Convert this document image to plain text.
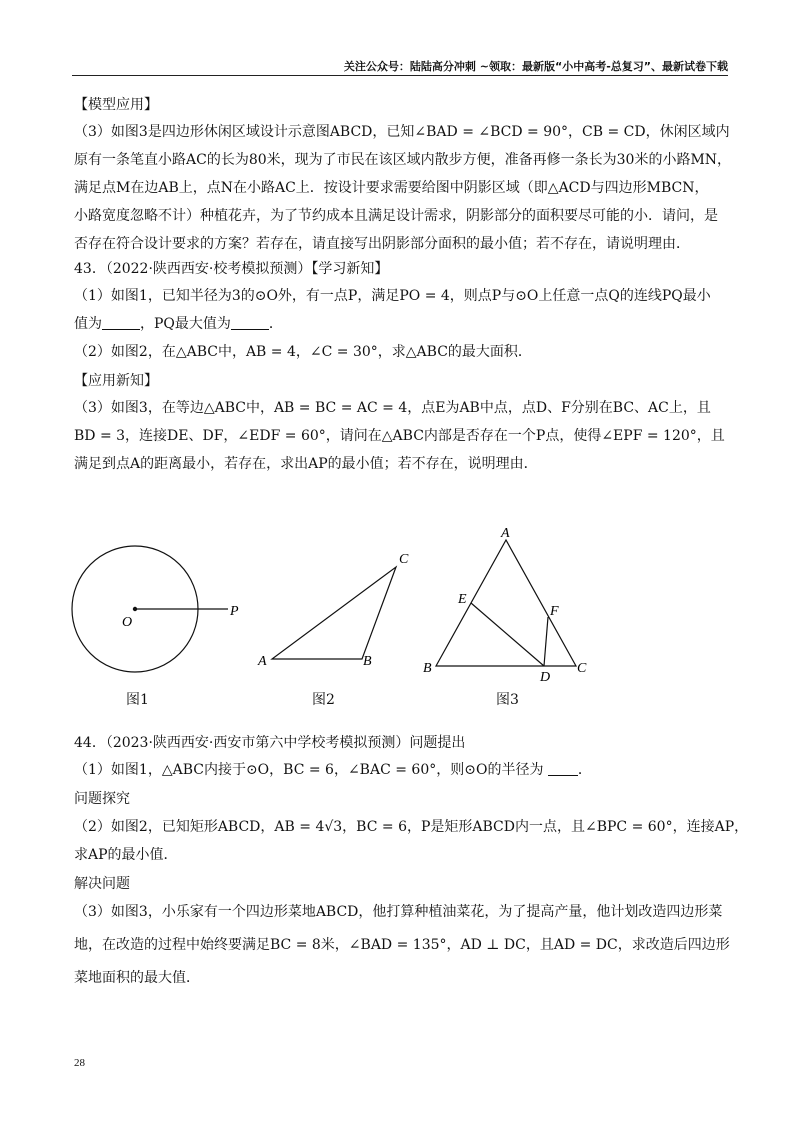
关注公众号：陆陆高分冲刺 ~领取：最新版“小中高考-总复习”、最新试卷下载

【模型应用】

（3）如图3是四边形休闲区域设计示意图ABCD，已知∠BAD = ∠BCD = 90°，CB = CD，休闲区域内

原有一条笔直小路AC的长为80米，现为了市民在该区域内散步方便，准备再修一条长为30米的小路MN，

满足点M在边AB上，点N在小路AC上．按设计要求需要给图中阴影区域（即△ACD与四边形MBCN，

小路宽度忽略不计）种植花卉，为了节约成本且满足设计需求，阴影部分的面积要尽可能的小．请问，是

否存在符合设计要求的方案？若存在，请直接写出阴影部分面积的最小值；若不存在，请说明理由．

43．（2022·陕西西安·校考模拟预测）【学习新知】

（1）如图1，已知半径为3的⊙O外，有一点P，满足PO = 4，则点P与⊙O上任意一点Q的连线PQ最小

值为	，PQ最大值为	．

（2）如图2，在△ABC中，AB = 4，∠C = 30°，求△ABC的最大面积．

【应用新知】

（3）如图3，在等边△ABC中，AB = BC = AC = 4，点E为AB中点，点D、F分别在BC、AC上，且

BD = 3，连接DE、DF，∠EDF = 60°，请问在△ABC内部是否存在一个P点，使得∠EPF = 120°，且

满足到点A的距离最小，若存在，求出AP的最小值；若不存在，说明理由．

O
P
A	B
C
A
B	C
D
E
F
图1	图2	图3

44．（2023·陕西西安·西安市第六中学校考模拟预测）问题提出

（1）如图1，△ABC内接于⊙O，BC = 6，∠BAC = 60°，则⊙O的半径为 ．

问题探究

（2）如图2，已知矩形ABCD，AB = 4√3，BC = 6，P是矩形ABCD内一点，且∠BPC = 60°，连接AP，

求AP的最小值．

解决问题

（3）如图3，小乐家有一个四边形菜地ABCD，他打算种植油菜花，为了提高产量，他计划改造四边形菜

地，在改造的过程中始终要满足BC = 8米，∠BAD = 135°，AD ⊥ DC，且AD = DC，求改造后四边形

菜地面积的最大值．

28
